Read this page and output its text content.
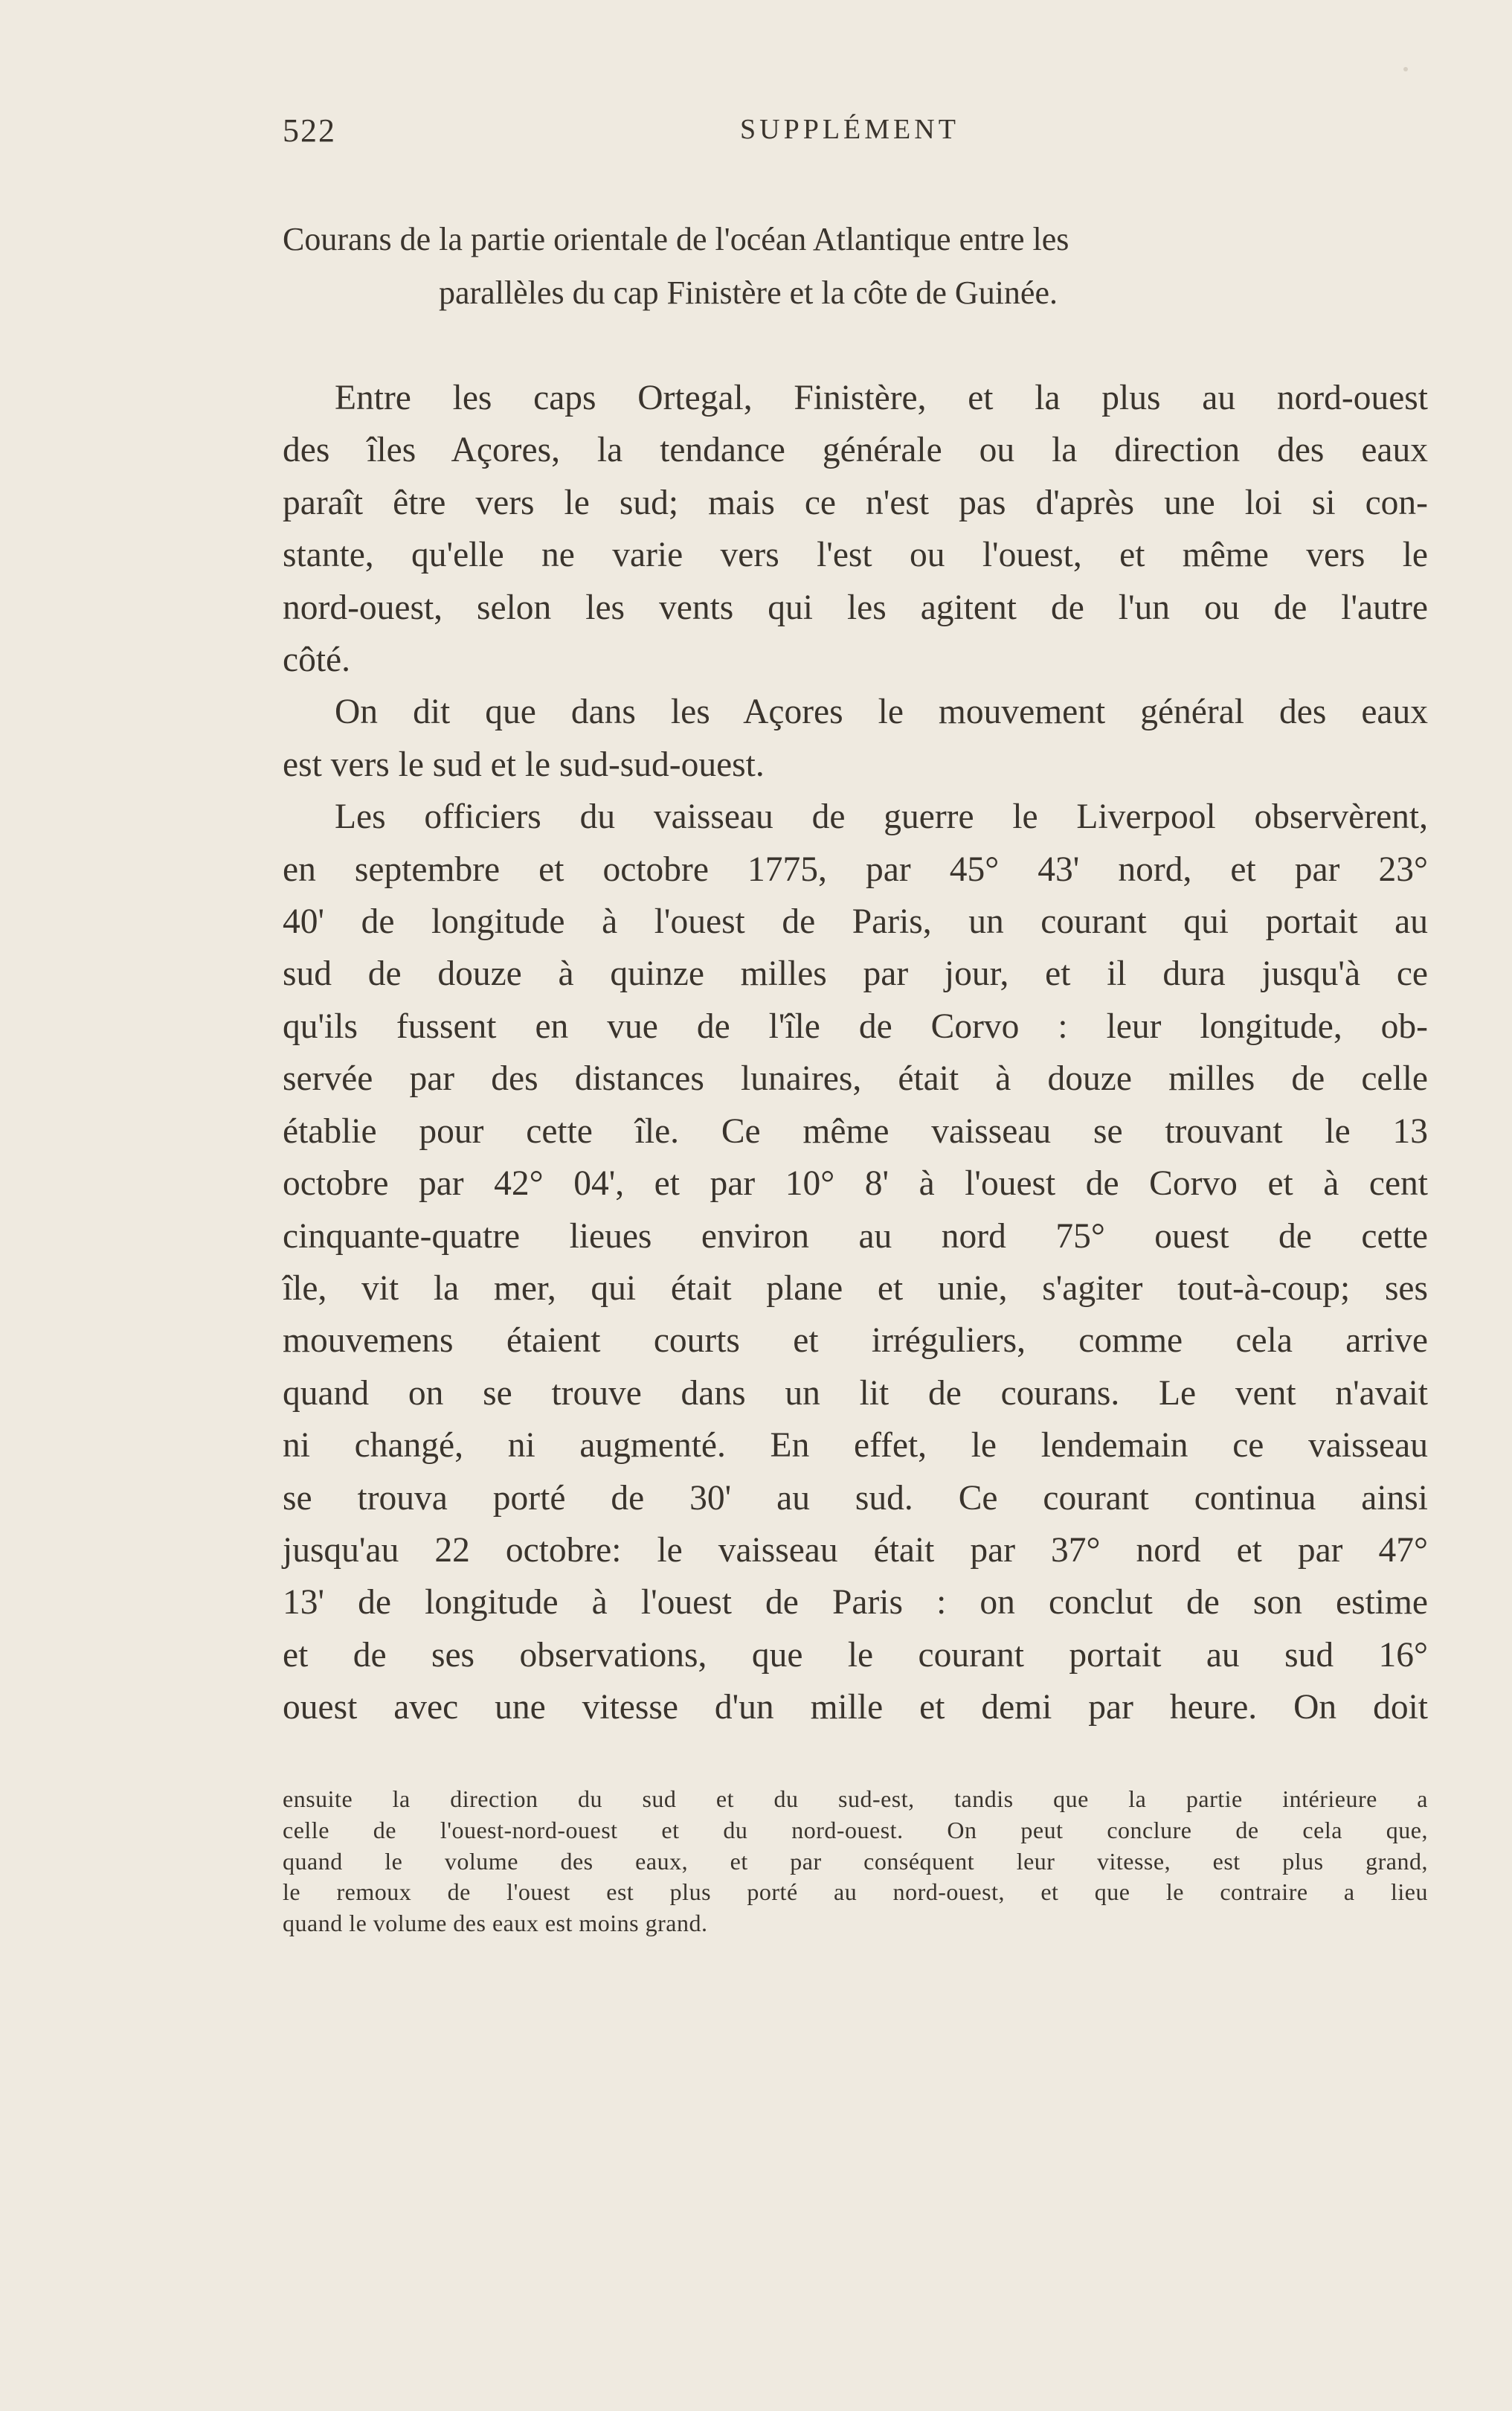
522	SUPPLÉMENT
Courans de la partie orientale de l'océan Atlantique entre les
parallèles du cap Finistère et la côte de Guinée.
Entre les caps Ortegal, Finistère, et la plus au nord-ouest
des îles Açores, la tendance générale ou la direction des eaux
paraît être vers le sud; mais ce n'est pas d'après une loi si con-
stante, qu'elle ne varie vers l'est ou l'ouest, et même vers le
nord-ouest, selon les vents qui les agitent de l'un ou de l'autre
côté.
On dit que dans les Açores le mouvement général des eaux
est vers le sud et le sud-sud-ouest.
Les officiers du vaisseau de guerre le Liverpool observèrent,
en septembre et octobre 1775, par 45° 43' nord, et par 23°
40' de longitude à l'ouest de Paris, un courant qui portait au
sud de douze à quinze milles par jour, et il dura jusqu'à ce
qu'ils fussent en vue de l'île de Corvo : leur longitude, ob-
servée par des distances lunaires, était à douze milles de celle
établie pour cette île. Ce même vaisseau se trouvant le 13
octobre par 42° 04', et par 10° 8' à l'ouest de Corvo et à cent
cinquante-quatre lieues environ au nord 75° ouest de cette
île, vit la mer, qui était plane et unie, s'agiter tout-à-coup; ses
mouvemens étaient courts et irréguliers, comme cela arrive
quand on se trouve dans un lit de courans. Le vent n'avait
ni changé, ni augmenté. En effet, le lendemain ce vaisseau
se trouva porté de 30' au sud. Ce courant continua ainsi
jusqu'au 22 octobre: le vaisseau était par 37° nord et par 47°
13' de longitude à l'ouest de Paris : on conclut de son estime
et de ses observations, que le courant portait au sud 16°
ouest avec une vitesse d'un mille et demi par heure. On doit
ensuite la direction du sud et du sud-est, tandis que la partie intérieure a
celle de l'ouest-nord-ouest et du nord-ouest. On peut conclure de cela que,
quand le volume des eaux, et par conséquent leur vitesse, est plus grand,
le remoux de l'ouest est plus porté au nord-ouest, et que le contraire a lieu
quand le volume des eaux est moins grand.
